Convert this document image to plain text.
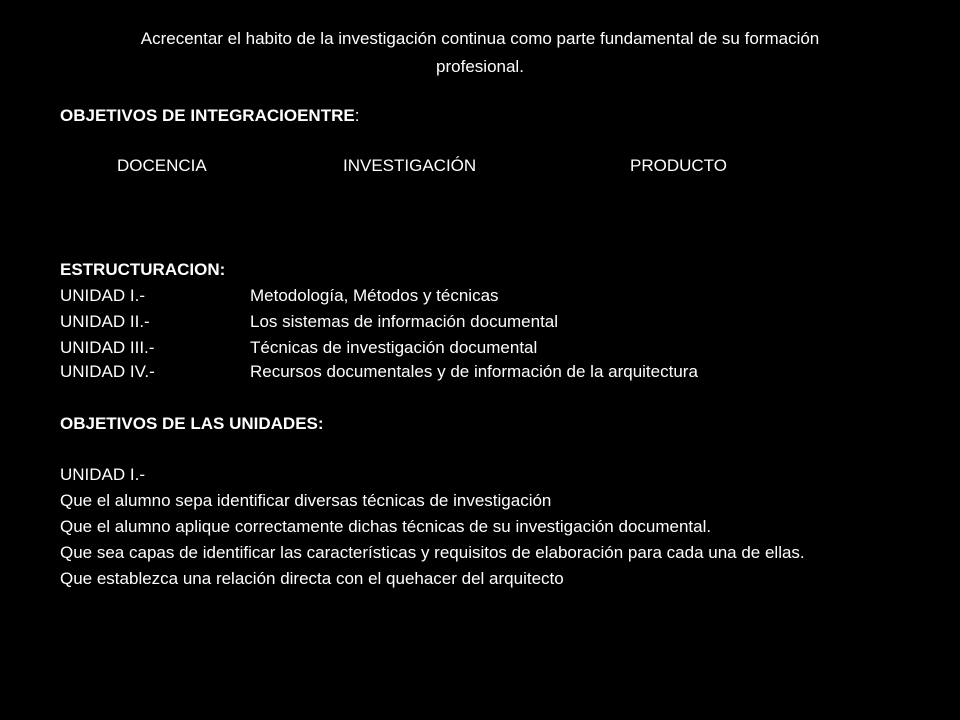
Acrecentar el habito de la investigación continua como parte fundamental de su formación
profesional.
OBJETIVOS DE INTEGRACIOENTRE:
DOCENCIA	INVESTIGACIÓN	PRODUCTO
ESTRUCTURACION:
UNIDAD I.-	Metodología, Métodos y técnicas
UNIDAD II.-	Los sistemas de información documental
UNIDAD III.-	Técnicas de investigación documental
UNIDAD IV.-	Recursos documentales y de información de la arquitectura
OBJETIVOS DE LAS UNIDADES:
UNIDAD I.-
Que el alumno sepa identificar diversas técnicas de investigación
Que el alumno aplique correctamente dichas técnicas de su investigación documental.
Que sea capas de identificar las características y requisitos de elaboración para cada una de ellas.
Que establezca una relación directa con el quehacer del arquitecto
